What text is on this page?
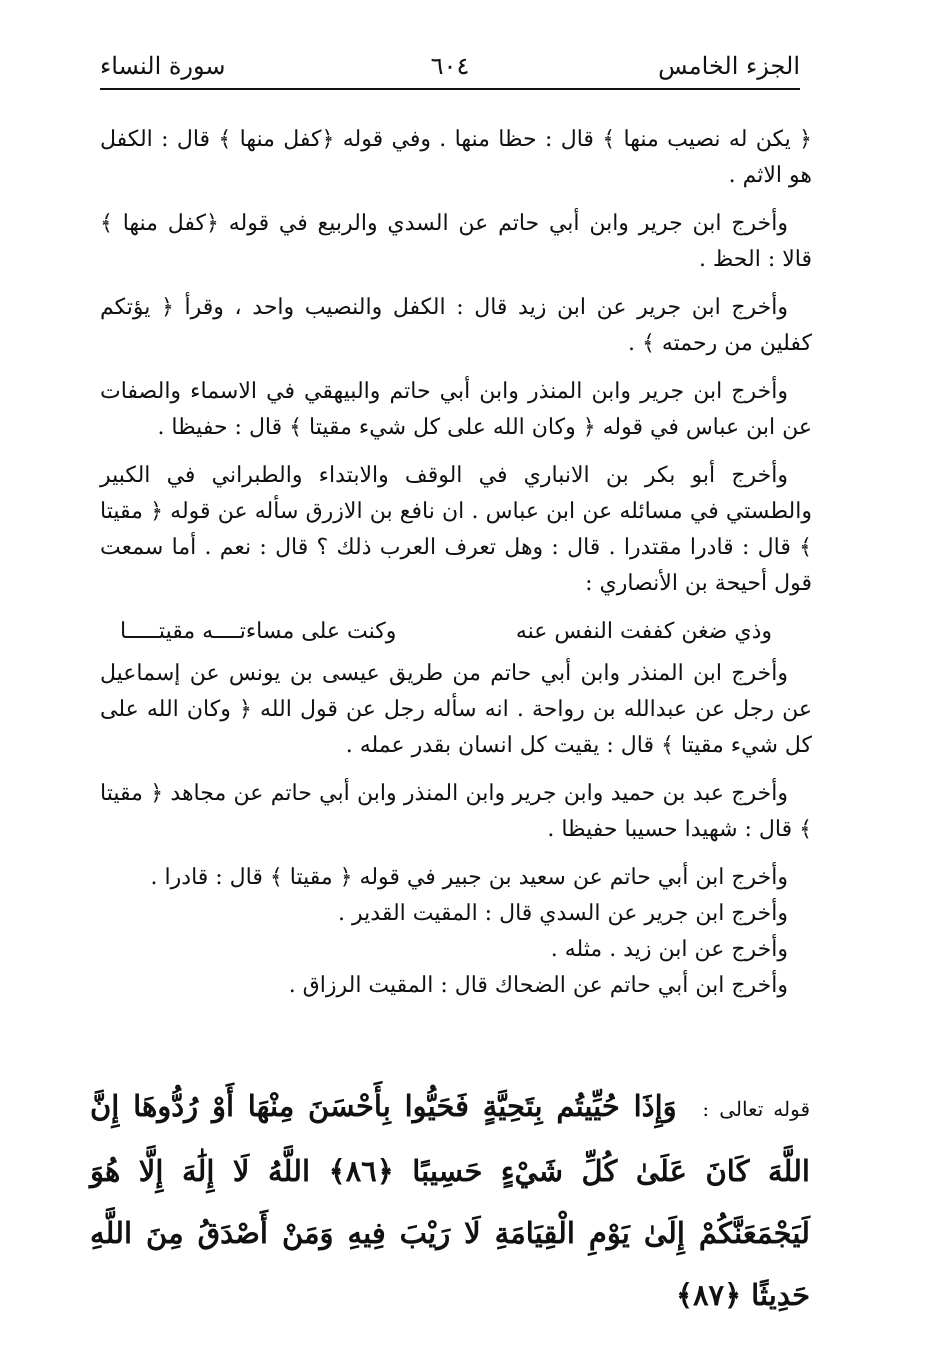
الجزء الخامس
٦٠٤
سورة النساء

﴿ يكن له نصيب منها ﴾ قال : حظا منها . وفي قوله ﴿كفل منها ﴾ قال : الكفل هو الاثم .

وأخرج ابن جرير وابن أبي حاتم عن السدي والربيع في قوله ﴿كفل منها ﴾ قالا : الحظ .

وأخرج ابن جرير عن ابن زيد قال : الكفل والنصيب واحد ، وقرأ ﴿ يؤتكم كفلين من رحمته ﴾ .

وأخرج ابن جرير وابن المنذر وابن أبي حاتم والبيهقي في الاسماء والصفات عن ابن عباس في قوله ﴿ وكان الله على كل شيء مقيتا ﴾ قال : حفيظا .

وأخرج أبو بكر بن الانباري في الوقف والابتداء والطبراني في الكبير والطستي في مسائله عن ابن عباس . ان نافع بن الازرق سأله عن قوله ﴿ مقيتا ﴾ قال : قادرا مقتدرا . قال : وهل تعرف العرب ذلك ؟ قال : نعم . أما سمعت قول أحيحة بن الأنصاري :

وذي ضغن كففت النفس عنه
وكنت على مساءتــــه مقيتـــــا

وأخرج ابن المنذر وابن أبي حاتم من طريق عيسى بن يونس عن إسماعيل عن رجل عن عبدالله بن رواحة . انه سأله رجل عن قول الله ﴿ وكان الله على كل شيء مقيتا ﴾ قال : يقيت كل انسان بقدر عمله .

وأخرج عبد بن حميد وابن جرير وابن المنذر وابن أبي حاتم عن مجاهد ﴿ مقيتا ﴾ قال : شهيدا حسيبا حفيظا .

وأخرج ابن أبي حاتم عن سعيد بن جبير في قوله ﴿ مقيتا ﴾ قال : قادرا .

وأخرج ابن جرير عن السدي قال : المقيت القدير .

وأخرج عن ابن زيد . مثله .

وأخرج ابن أبي حاتم عن الضحاك قال : المقيت الرزاق .

قوله تعالى : وَإِذَا حُيِّيتُم بِتَحِيَّةٍ فَحَيُّوا بِأَحْسَنَ مِنْهَا أَوْ رُدُّوهَا إِنَّ اللَّهَ كَانَ عَلَىٰ كُلِّ شَيْءٍ حَسِيبًا ﴿٨٦﴾ اللَّهُ لَا إِلَٰهَ إِلَّا هُوَ لَيَجْمَعَنَّكُمْ إِلَىٰ يَوْمِ الْقِيَامَةِ لَا رَيْبَ فِيهِ وَمَنْ أَصْدَقُ مِنَ اللَّهِ حَدِيثًا ﴿٨٧﴾
